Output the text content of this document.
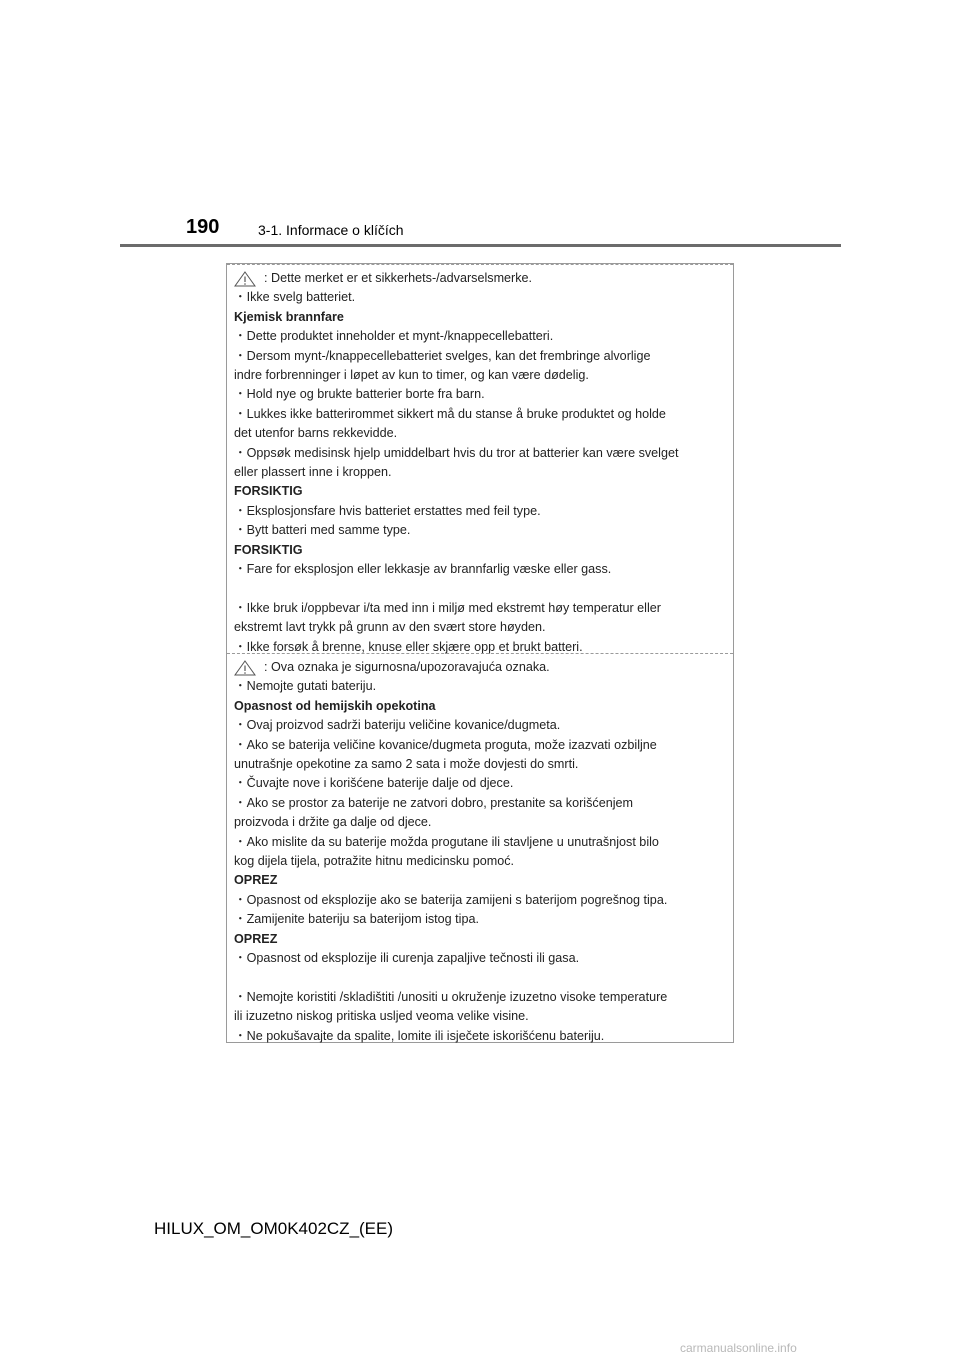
190	3-1. Informace o klíčích
: Dette merket er et sikkerhets-/advarselsmerke.
・Ikke svelg batteriet.
Kjemisk brannfare
・Dette produktet inneholder et mynt-/knappecellebatteri.
・Dersom mynt-/knappecellebatteriet svelges, kan det frembringe alvorlige
indre forbrenninger i løpet av kun to timer, og kan være dødelig.
・Hold nye og brukte batterier borte fra barn.
・Lukkes ikke batterirommet sikkert må du stanse å bruke produktet og holde
det utenfor barns rekkevidde.
・Oppsøk medisinsk hjelp umiddelbart hvis du tror at batterier kan være svelget
eller plassert inne i kroppen.
FORSIKTIG
・Eksplosjonsfare hvis batteriet erstattes med feil type.
・Bytt batteri med samme type.
FORSIKTIG
・Fare for eksplosjon eller lekkasje av brannfarlig væske eller gass.
・Ikke bruk i/oppbevar i/ta med inn i miljø med ekstremt høy temperatur eller
ekstremt lavt trykk på grunn av den svært store høyden.
・Ikke forsøk å brenne, knuse eller skjære opp et brukt batteri.
: Ova oznaka je sigurnosna/upozoravajuća oznaka.
・Nemojte gutati bateriju.
Opasnost od hemijskih opekotina
・Ovaj proizvod sadrži bateriju veličine kovanice/dugmeta.
・Ako se baterija veličine kovanice/dugmeta proguta, može izazvati ozbiljne
unutrašnje opekotine za samo 2 sata i može dovjesti do smrti.
・Čuvajte nove i korišćene baterije dalje od djece.
・Ako se prostor za baterije ne zatvori dobro, prestanite sa korišćenjem
proizvoda i držite ga dalje od djece.
・Ako mislite da su baterije možda progutane ili stavljene u unutrašnjost bilo
kog dijela tijela, potražite hitnu medicinsku pomoć.
OPREZ
・Opasnost od eksplozije ako se baterija zamijeni s baterijom pogrešnog tipa.
・Zamijenite bateriju sa baterijom istog tipa.
OPREZ
・Opasnost od eksplozije ili curenja zapaljive tečnosti ili gasa.
・Nemojte koristiti /skladištiti /unositi u okruženje izuzetno visoke temperature
ili izuzetno niskog pritiska usljed veoma velike visine.
・Ne pokušavajte da spalite, lomite ili isječete iskorišćenu bateriju.
HILUX_OM_OM0K402CZ_(EE)
carmanualsonline.info
